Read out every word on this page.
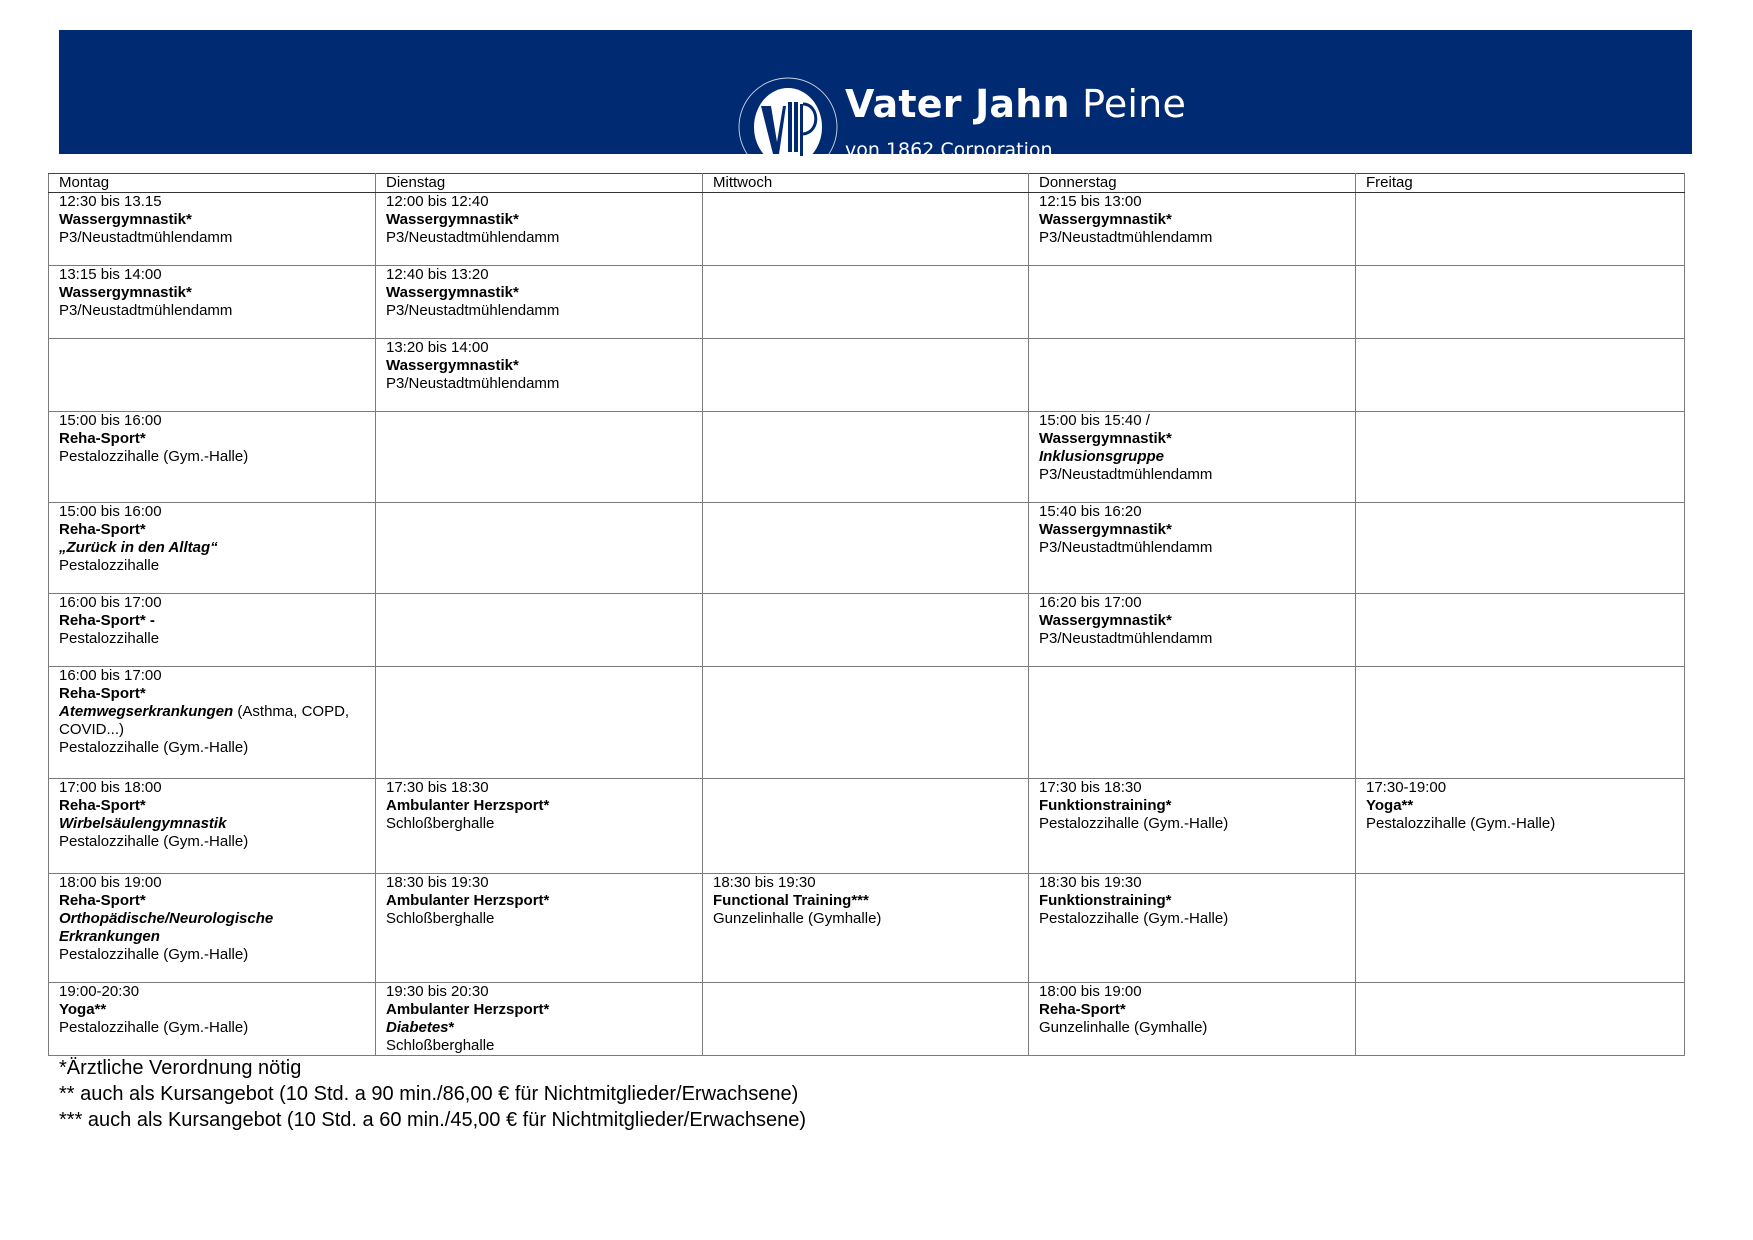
VJP
Vater Jahn Peine
von 1862 Corporation
Montag	Dienstag	Mittwoch	Donnerstag	Freitag

12:30 bis 13.15
Wassergymnastik*
P3/Neustadtmühlendamm	12:00 bis 12:40
Wassergymnastik*
P3/Neustadtmühlendamm		12:15 bis 13:00
Wassergymnastik*
P3/Neustadtmühlendamm	

13:15 bis 14:00
Wassergymnastik*
P3/Neustadtmühlendamm	12:40 bis 13:20
Wassergymnastik*
P3/Neustadtmühlendamm			

	13:20 bis 14:00
Wassergymnastik*
P3/Neustadtmühlendamm			

15:00 bis 16:00
Reha-Sport*
Pestalozzihalle (Gym.-Halle)			15:00 bis 15:40 /
Wassergymnastik*
Inklusionsgruppe
P3/Neustadtmühlendamm	

15:00 bis 16:00
Reha-Sport*
„Zurück in den Alltag“
Pestalozzihalle			15:40 bis 16:20
Wassergymnastik*
P3/Neustadtmühlendamm	

16:00 bis 17:00
Reha-Sport* -
Pestalozzihalle			16:20 bis 17:00
Wassergymnastik*
P3/Neustadtmühlendamm	

16:00 bis 17:00
Reha-Sport*
Atemwegserkrankungen (Asthma, COPD, COVID...)
Pestalozzihalle (Gym.-Halle)				

17:00 bis 18:00
Reha-Sport*
Wirbelsäulengymnastik
Pestalozzihalle (Gym.-Halle)	17:30 bis 18:30
Ambulanter Herzsport*
Schloßberghalle		17:30 bis 18:30
Funktionstraining*
Pestalozzihalle (Gym.-Halle)	17:30-19:00
Yoga**
Pestalozzihalle (Gym.-Halle)

18:00 bis 19:00
Reha-Sport*
Orthopädische/Neurologische Erkrankungen
Pestalozzihalle (Gym.-Halle)	18:30 bis 19:30
Ambulanter Herzsport*
Schloßberghalle	18:30 bis 19:30
Functional Training***
Gunzelinhalle (Gymhalle)	18:30 bis 19:30
Funktionstraining*
Pestalozzihalle (Gym.-Halle)	

19:00-20:30
Yoga**
Pestalozzihalle (Gym.-Halle)	19:30 bis 20:30
Ambulanter Herzsport*
Diabetes*
Schloßberghalle		18:00 bis 19:00
Reha-Sport*
Gunzelinhalle (Gymhalle)	

*Ärztliche Verordnung nötig
** auch als Kursangebot (10 Std. a 90 min./86,00 € für Nichtmitglieder/Erwachsene)
*** auch als Kursangebot (10 Std. a 60 min./45,00 € für Nichtmitglieder/Erwachsene)
